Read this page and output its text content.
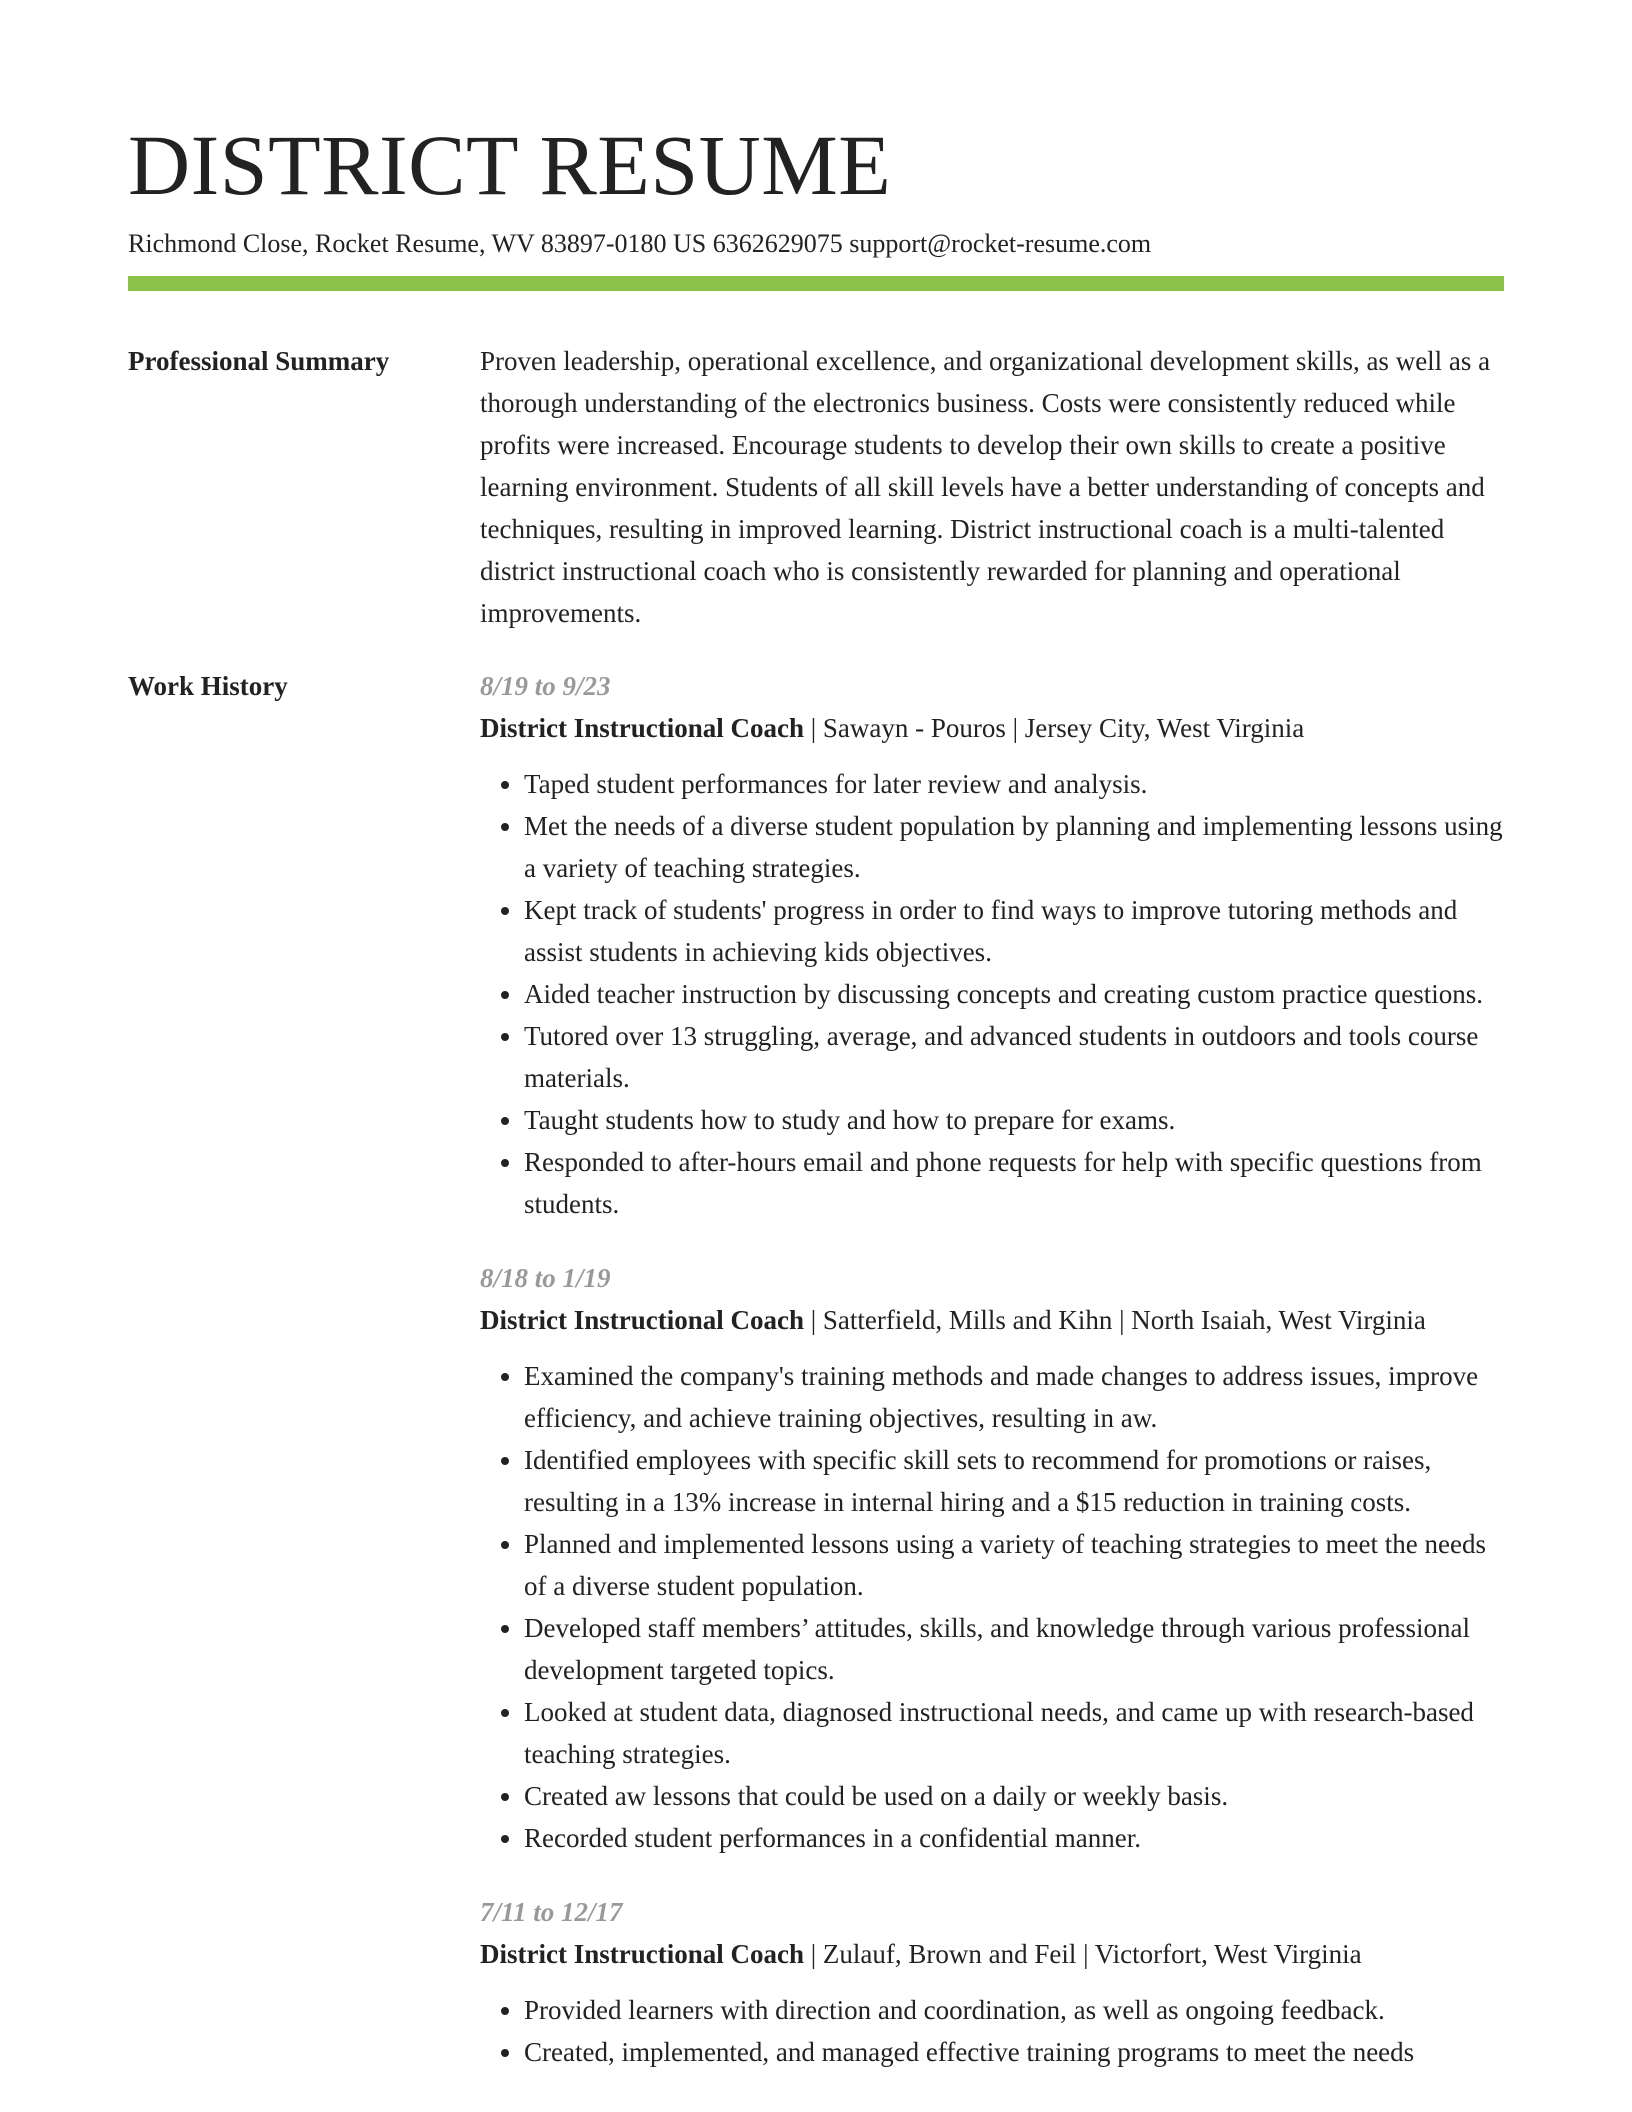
DISTRICT RESUME
Richmond Close, Rocket Resume, WV 83897-0180 US 6362629075 support@rocket-resume.com
Professional Summary	Proven leadership, operational excellence, and organizational development skills, as well as a thorough understanding of the electronics business. Costs were consistently reduced while profits were increased. Encourage students to develop their own skills to create a positive learning environment. Students of all skill levels have a better understanding of concepts and techniques, resulting in improved learning. District instructional coach is a multi-talented district instructional coach who is consistently rewarded for planning and operational improvements.
Work History	8/19 to 9/23
District Instructional Coach | Sawayn - Pouros | Jersey City, West Virginia
• Taped student performances for later review and analysis.
• Met the needs of a diverse student population by planning and implementing lessons using a variety of teaching strategies.
• Kept track of students' progress in order to find ways to improve tutoring methods and assist students in achieving kids objectives.
• Aided teacher instruction by discussing concepts and creating custom practice questions.
• Tutored over 13 struggling, average, and advanced students in outdoors and tools course materials.
• Taught students how to study and how to prepare for exams.
• Responded to after-hours email and phone requests for help with specific questions from students.
8/18 to 1/19
District Instructional Coach | Satterfield, Mills and Kihn | North Isaiah, West Virginia
• Examined the company's training methods and made changes to address issues, improve efficiency, and achieve training objectives, resulting in aw.
• Identified employees with specific skill sets to recommend for promotions or raises, resulting in a 13% increase in internal hiring and a $15 reduction in training costs.
• Planned and implemented lessons using a variety of teaching strategies to meet the needs of a diverse student population.
• Developed staff members’ attitudes, skills, and knowledge through various professional development targeted topics.
• Looked at student data, diagnosed instructional needs, and came up with research-based teaching strategies.
• Created aw lessons that could be used on a daily or weekly basis.
• Recorded student performances in a confidential manner.
7/11 to 12/17
District Instructional Coach | Zulauf, Brown and Feil | Victorfort, West Virginia
• Provided learners with direction and coordination, as well as ongoing feedback.
• Created, implemented, and managed effective training programs to meet the needs
